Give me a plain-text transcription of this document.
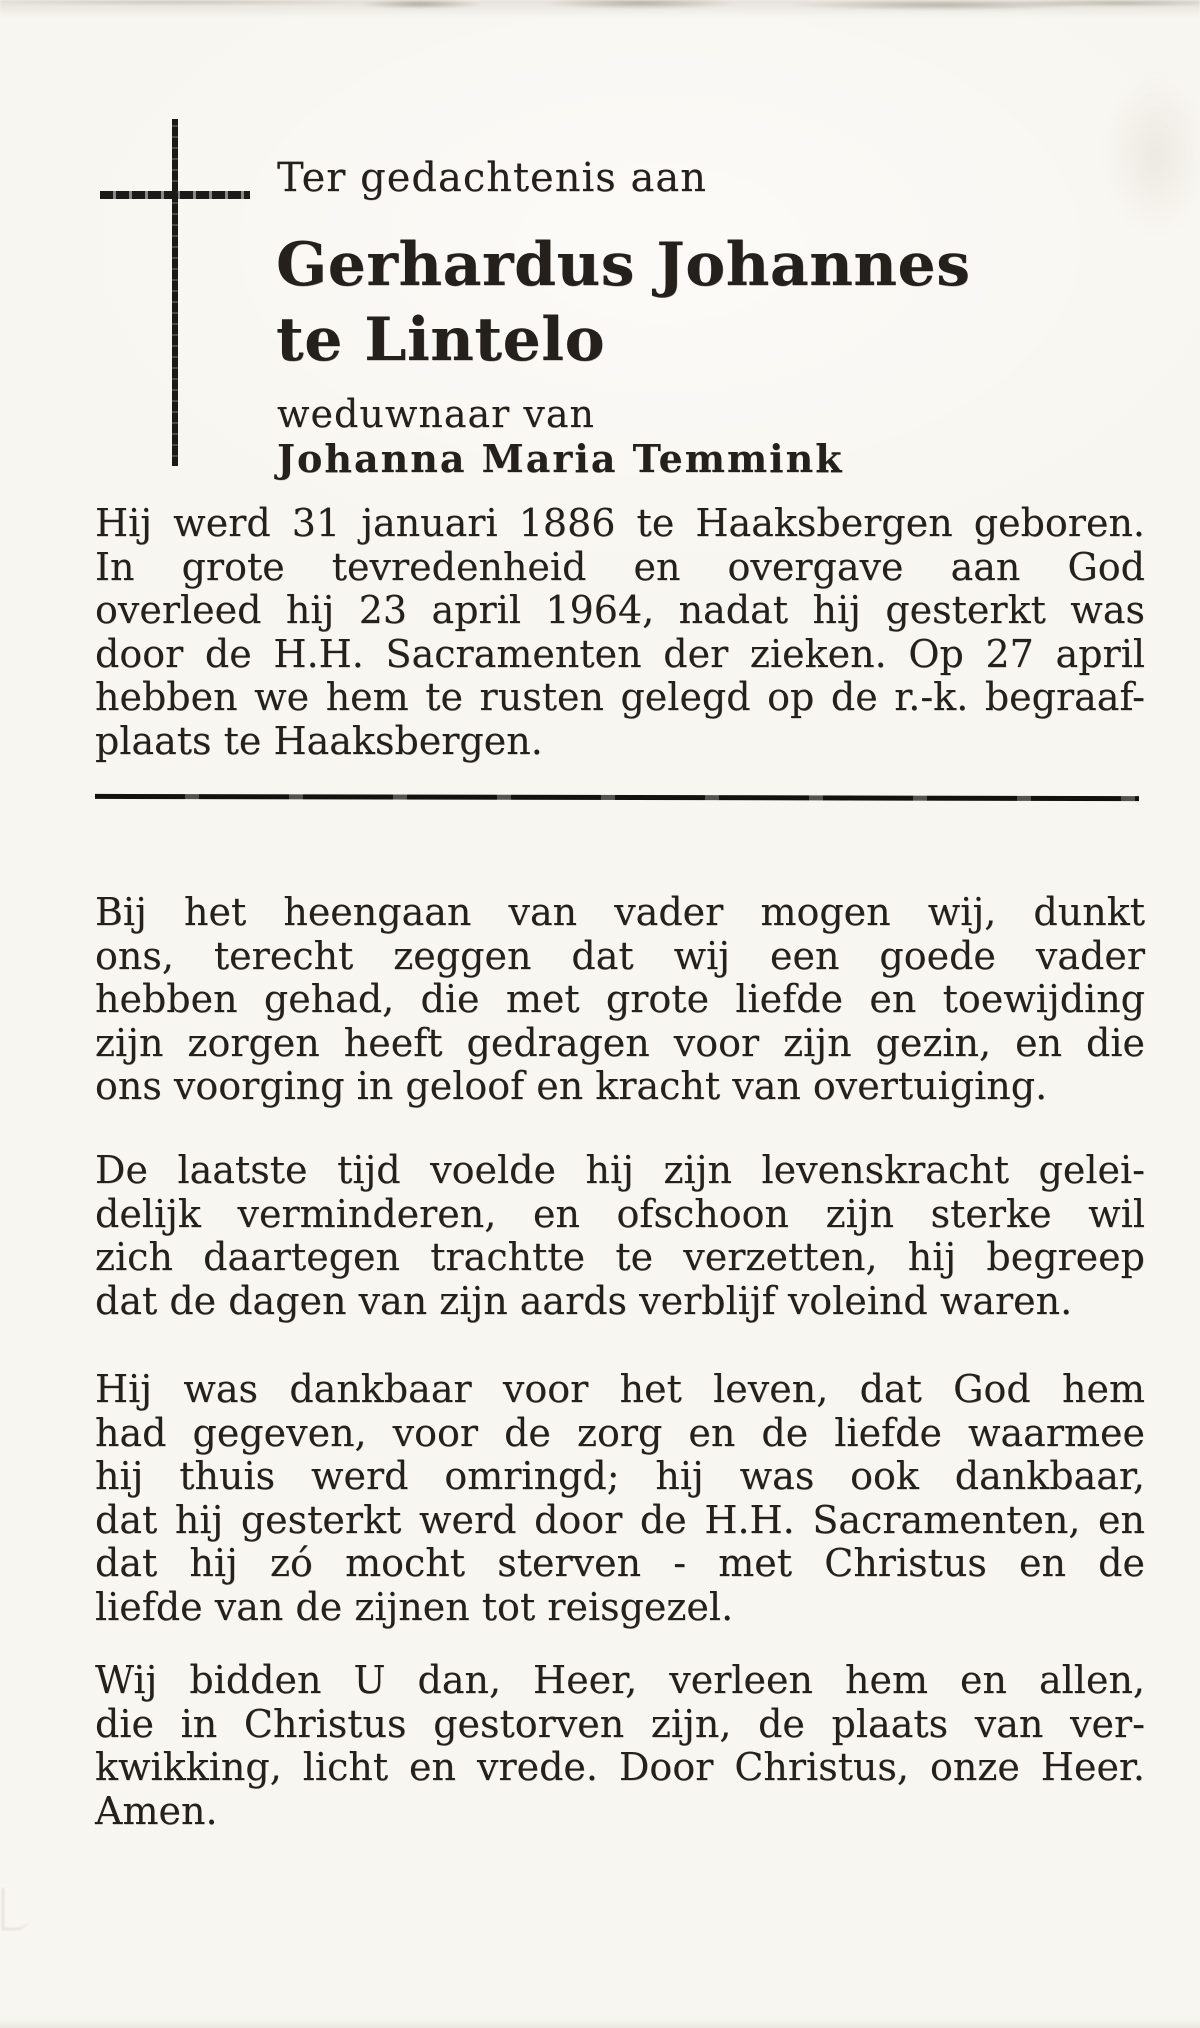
Ter gedachtenis aan
Gerhardus Johannes
te Lintelo
weduwnaar van
Johanna Maria Temmink
Hij werd 31 januari 1886 te Haaksbergen geboren.
In grote tevredenheid en overgave aan God
overleed hij 23 april 1964, nadat hij gesterkt was
door de H.H. Sacramenten der zieken. Op 27 april
hebben we hem te rusten gelegd op de r.-k. begraaf-
plaats te Haaksbergen.
Bij het heengaan van vader mogen wij, dunkt
ons, terecht zeggen dat wij een goede vader
hebben gehad, die met grote liefde en toewijding
zijn zorgen heeft gedragen voor zijn gezin, en die
ons voorging in geloof en kracht van overtuiging.
De laatste tijd voelde hij zijn levenskracht gelei-
delijk verminderen, en ofschoon zijn sterke wil
zich daartegen trachtte te verzetten, hij begreep
dat de dagen van zijn aards verblijf voleind waren.
Hij was dankbaar voor het leven, dat God hem
had gegeven, voor de zorg en de liefde waarmee
hij thuis werd omringd; hij was ook dankbaar,
dat hij gesterkt werd door de H.H. Sacramenten, en
dat hij zó mocht sterven - met Christus en de
liefde van de zijnen tot reisgezel.
Wij bidden U dan, Heer, verleen hem en allen,
die in Christus gestorven zijn, de plaats van ver-
kwikking, licht en vrede. Door Christus, onze Heer.
Amen.
